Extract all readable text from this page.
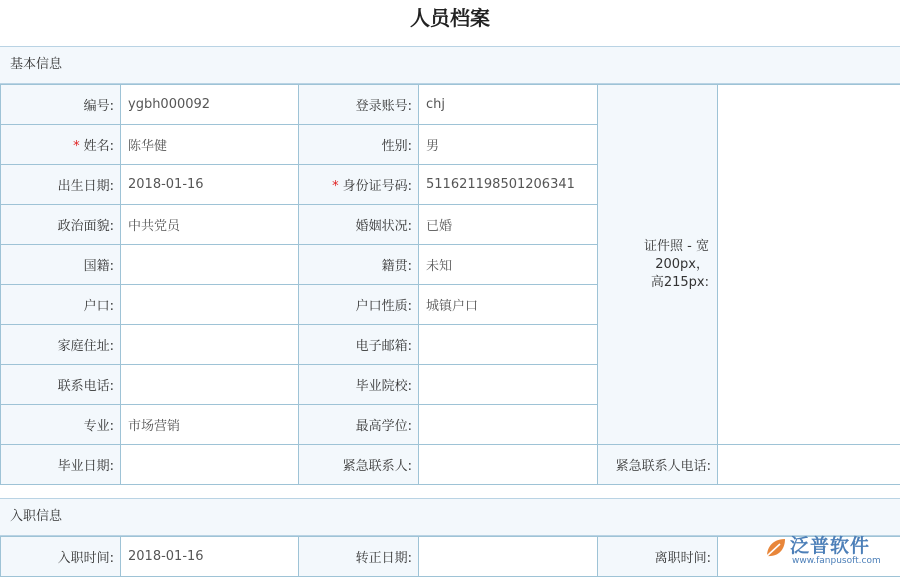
人员档案
基本信息
编号:	ygbh000092	登录账号:	chj	证件照 - 宽200px，
高215px:	
* 姓名:	陈华健	性别:	男		
出生日期:	2018-01-16	* 身份证号码:	511621198501206341		
政治面貌:	中共党员	婚姻状况:	已婚		
国籍:		籍贯:	未知		
户口:		户口性质:	城镇户口		
家庭住址:		电子邮箱:			
联系电话:		毕业院校:			
专业:	市场营销	最高学位:			
毕业日期:		紧急联系人:		紧急联系人电话:	
入职信息
入职时间:	2018-01-16	转正日期:		离职时间:	
泛普软件
www.fanpusoft.com
